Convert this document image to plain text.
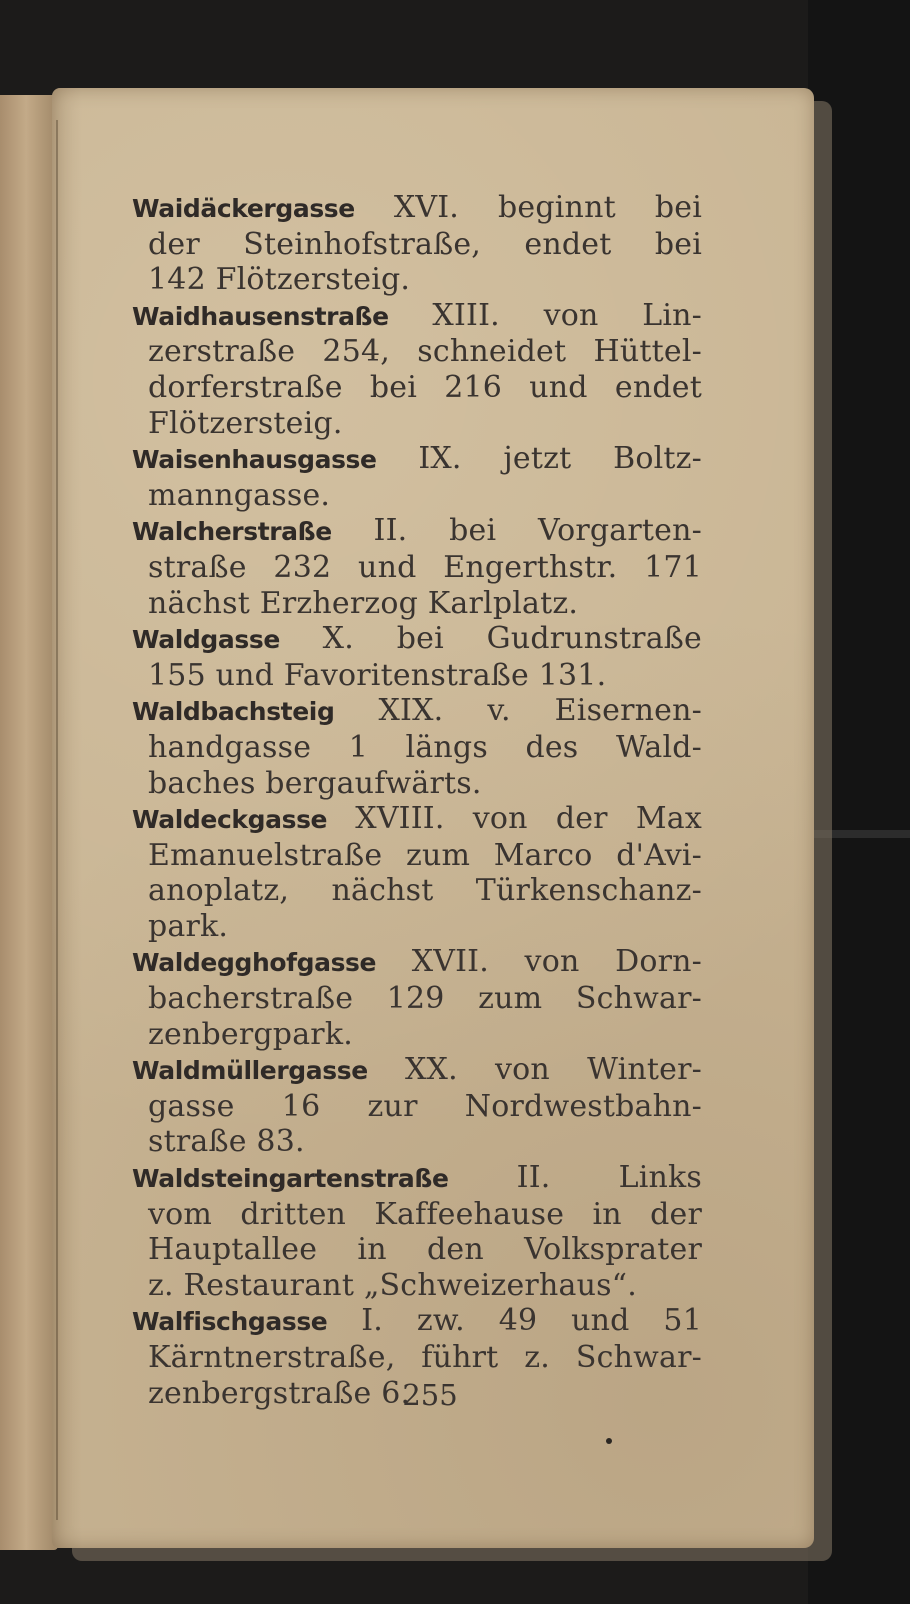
Waidäckergasse XVI. beginnt bei
der Steinhofstraße, endet bei
142 Flötzersteig.
Waidhausenstraße XIII. von Lin-
zerstraße 254, schneidet Hüttel-
dorferstraße bei 216 und endet
Flötzersteig.
Waisenhausgasse IX. jetzt Boltz-
manngasse.
Walcherstraße II. bei Vorgarten-
straße 232 und Engerthstr. 171
nächst Erzherzog Karlplatz.
Waldgasse X. bei Gudrunstraße
155 und Favoritenstraße 131.
Waldbachsteig XIX. v. Eisernen-
handgasse 1 längs des Wald-
baches bergaufwärts.
Waldeckgasse XVIII. von der Max
Emanuelstraße zum Marco d'Avi-
anoplatz, nächst Türkenschanz-
park.
Waldegghofgasse XVII. von Dorn-
bacherstraße 129 zum Schwar-
zenbergpark.
Waldmüllergasse XX. von Winter-
gasse 16 zur Nordwestbahn-
straße 83.
Waldsteingartenstraße II. Links
vom dritten Kaffeehause in der
Hauptallee in den Volksprater
z. Restaurant „Schweizerhaus“.
Walfischgasse I. zw. 49 und 51
Kärntnerstraße, führt z. Schwar-
zenbergstraße 6.
255
